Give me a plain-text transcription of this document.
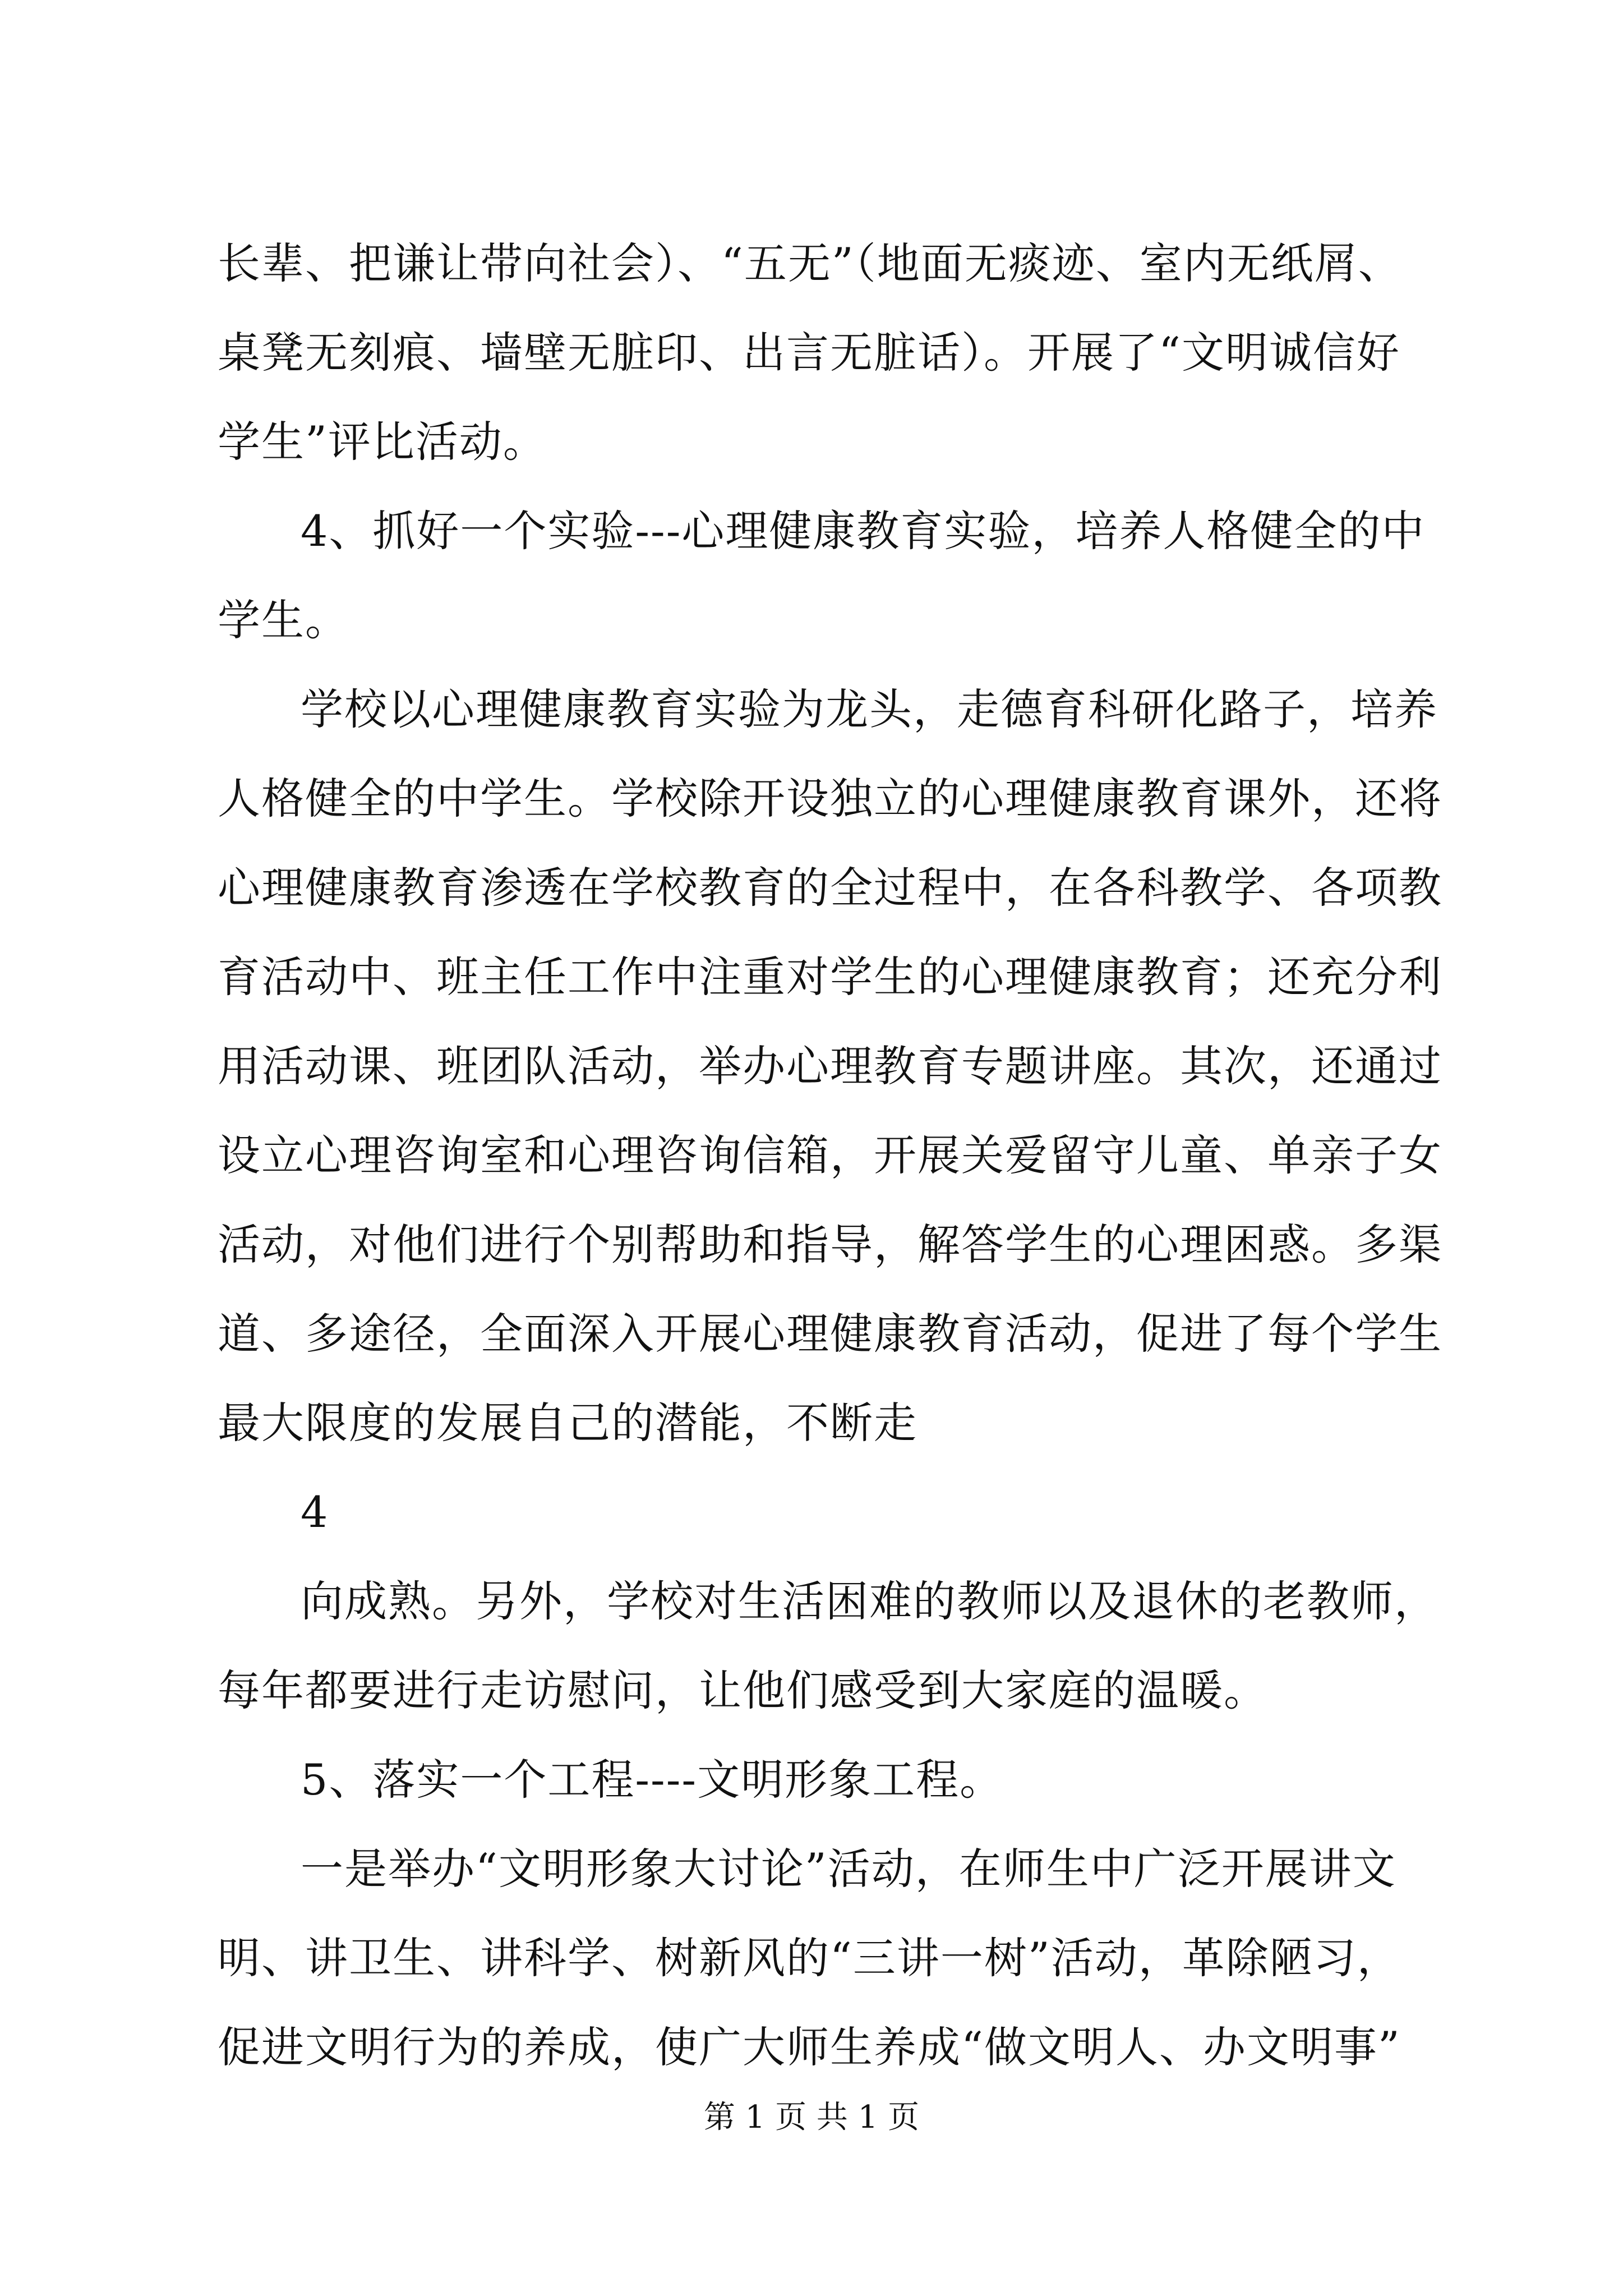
长辈、把谦让带向社会）、“五无”（地面无痰迹、室内无纸屑、
桌凳无刻痕、墙壁无脏印、出言无脏话）。开展了“文明诚信好
学生”评比活动。
4、抓好一个实验---心理健康教育实验，培养人格健全的中
学生。
学校以心理健康教育实验为龙头，走德育科研化路子，培养
人格健全的中学生。学校除开设独立的心理健康教育课外，还将
心理健康教育渗透在学校教育的全过程中，在各科教学、各项教
育活动中、班主任工作中注重对学生的心理健康教育；还充分利
用活动课、班团队活动，举办心理教育专题讲座。其次，还通过
设立心理咨询室和心理咨询信箱，开展关爱留守儿童、单亲子女
活动，对他们进行个别帮助和指导，解答学生的心理困惑。多渠
道、多途径，全面深入开展心理健康教育活动，促进了每个学生
最大限度的发展自己的潜能，不断走
4
向成熟。另外，学校对生活困难的教师以及退休的老教师，
每年都要进行走访慰问，让他们感受到大家庭的温暖。
5、落实一个工程----文明形象工程。
一是举办“文明形象大讨论”活动，在师生中广泛开展讲文
明、讲卫生、讲科学、树新风的“三讲一树”活动，革除陋习，
促进文明行为的养成，使广大师生养成“做文明人、办文明事”
第 1 页 共 1 页
